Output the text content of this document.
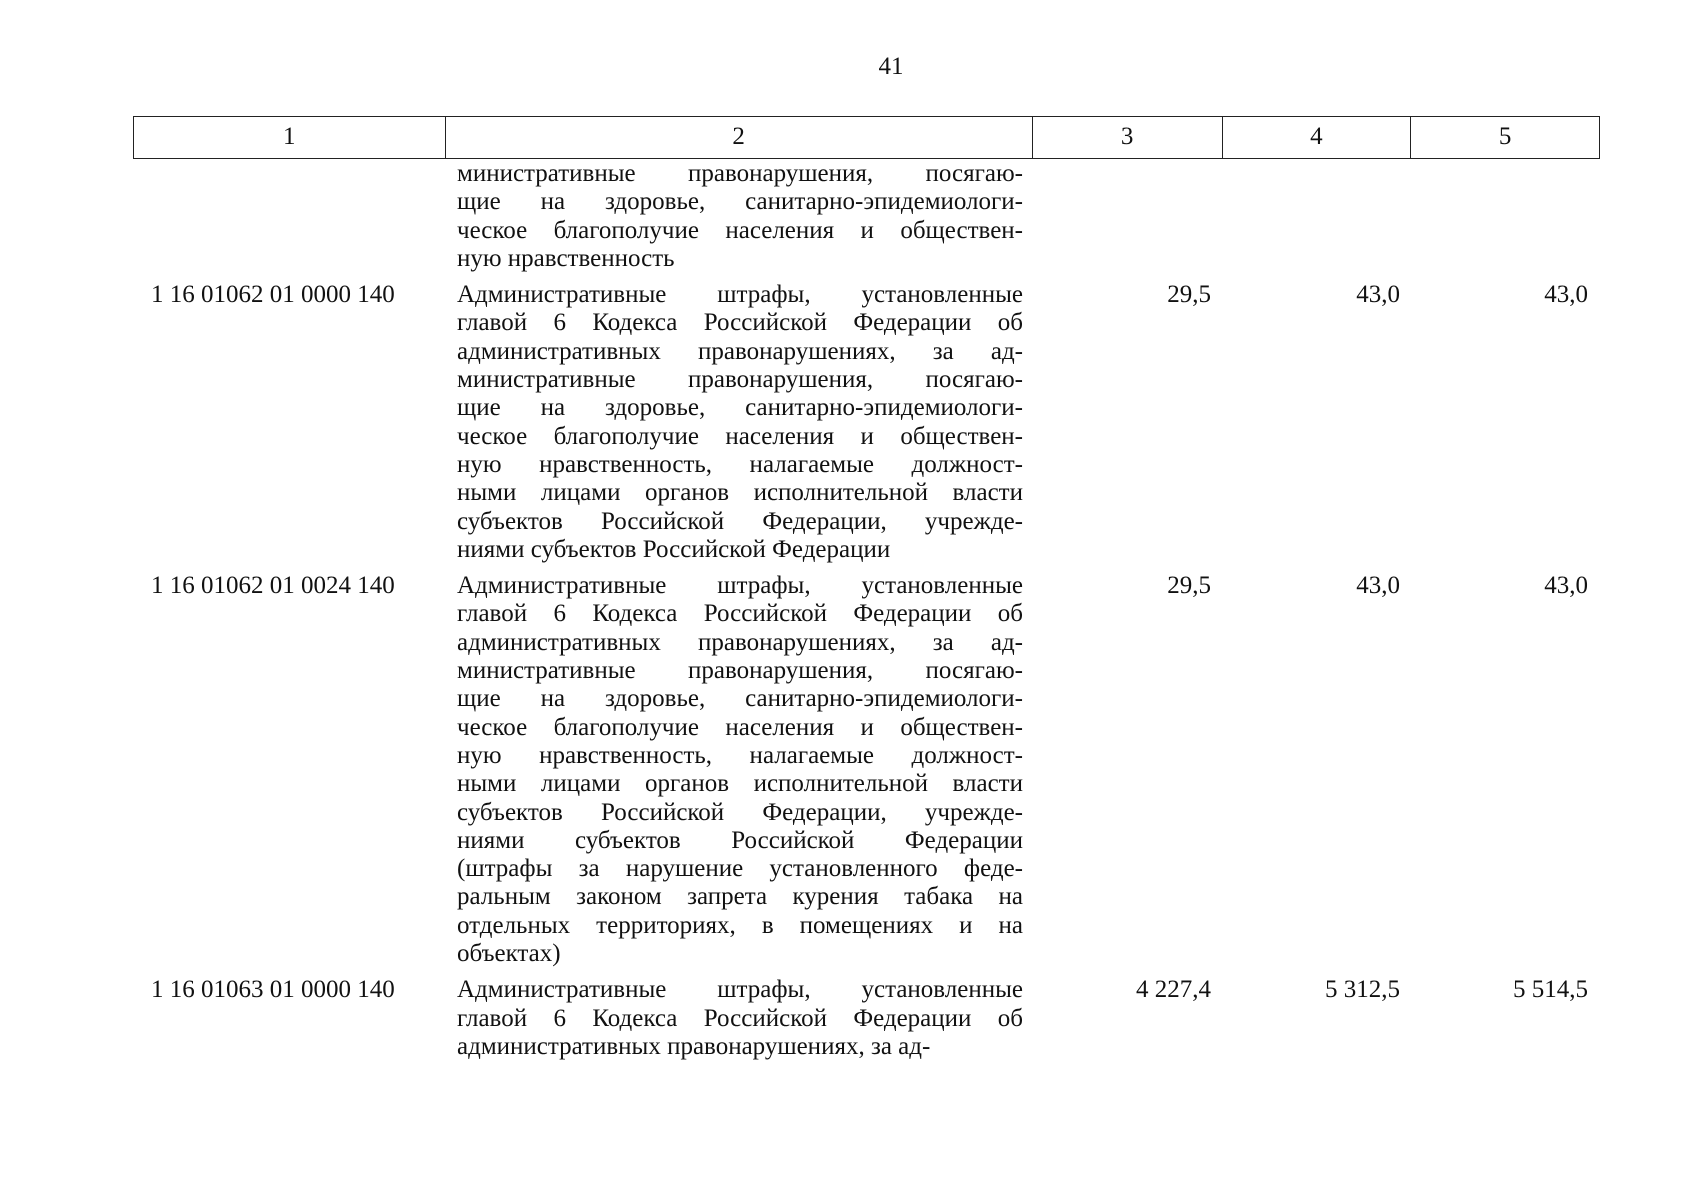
41
1	2	3	4	5
министративные правонарушения, посягаю-
щие на здоровье, санитарно-эпидемиологи-
ческое благополучие населения и обществен-
ную нравственность
1 16 01062 01 0000 140	Административные штрафы, установленные
главой 6 Кодекса Российской Федерации об
административных правонарушениях, за ад-
министративные правонарушения, посягаю-
щие на здоровье, санитарно-эпидемиологи-
ческое благополучие населения и обществен-
ную нравственность, налагаемые должност-
ными лицами органов исполнительной власти
субъектов Российской Федерации, учрежде-
ниями субъектов Российской Федерации
29,5	43,0	43,0
1 16 01062 01 0024 140	Административные штрафы, установленные
главой 6 Кодекса Российской Федерации об
административных правонарушениях, за ад-
министративные правонарушения, посягаю-
щие на здоровье, санитарно-эпидемиологи-
ческое благополучие населения и обществен-
ную нравственность, налагаемые должност-
ными лицами органов исполнительной власти
субъектов Российской Федерации, учрежде-
ниями субъектов Российской Федерации
(штрафы за нарушение установленного феде-
ральным законом запрета курения табака на
отдельных территориях, в помещениях и на
объектах)
29,5	43,0	43,0
1 16 01063 01 0000 140	Административные штрафы, установленные
главой 6 Кодекса Российской Федерации об
административных правонарушениях, за ад-
4 227,4	5 312,5	5 514,5
